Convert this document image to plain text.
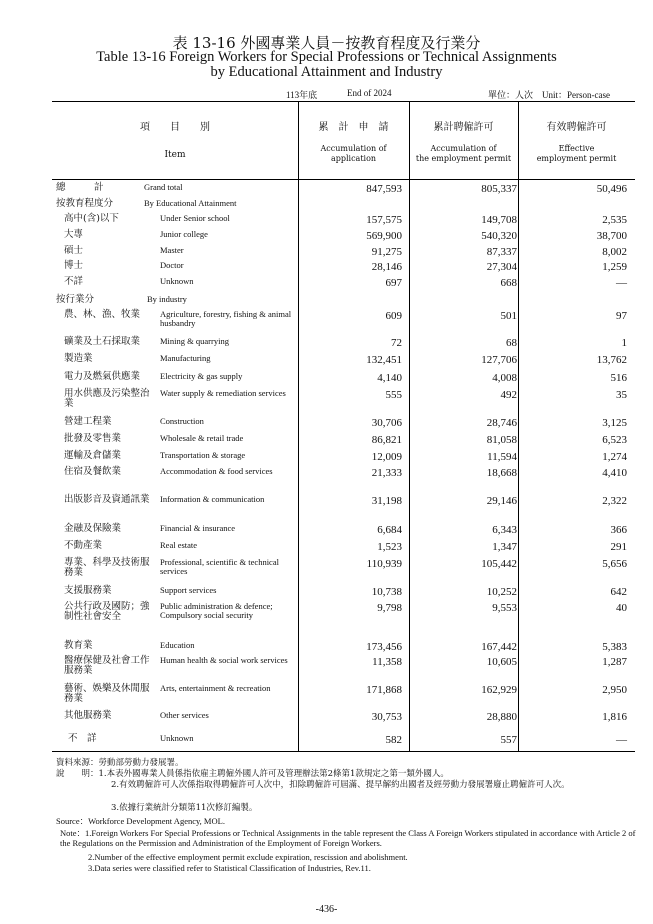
表 13-16 外國專業人員－按教育程度及行業分
Table 13-16 Foreign Workers for Special Professions or Technical Assignments
by Educational Attainment and Industry
113年底	End of 2024	單位：人次　Unit：Person-case
項　　目　　別
Item
累　計　申　請
Accumulation of
application
累計聘僱許可
Accumulation of
the employment permit
有效聘僱許可
Effective
employment permit
總　　　計	Grand total	847,593	805,337	50,496
按教育程度分	By Educational Attainment
高中(含)以下	Under Senior school	157,575	149,708	2,535
大專	Junior college	569,900	540,320	38,700
碩士	Master	91,275	87,337	8,002
博士	Doctor	28,146	27,304	1,259
不詳	Unknown	697	668	—
按行業分	By industry
農、林、漁、牧業	Agriculture, forestry, fishing & animal husbandry
609	501	97
礦業及土石採取業	Mining & quarrying	72	68	1
製造業	Manufacturing	132,451	127,706	13,762
電力及燃氣供應業	Electricity & gas supply	4,140	4,008	516
用水供應及污染整治業
Water supply & remediation services	555	492	35
營建工程業	Construction	30,706	28,746	3,125
批發及零售業	Wholesale & retail trade	86,821	81,058	6,523
運輸及倉儲業	Transportation & storage	12,009	11,594	1,274
住宿及餐飲業	Accommodation & food services	21,333	18,668	4,410
出版影音及資通訊業	Information & communication	31,198	29,146	2,322
金融及保險業	Financial & insurance	6,684	6,343	366
不動產業	Real estate	1,523	1,347	291
專業、科學及技術服務業
Professional, scientific & technical services
110,939	105,442	5,656
支援服務業	Support services	10,738	10,252	642
公共行政及國防；強制性社會安全
Public administration & defence; Compulsory social security
9,798	9,553	40
教育業	Education	173,456	167,442	5,383
醫療保健及社會工作服務業
Human health & social work services	11,358	10,605	1,287
藝術、娛樂及休閒服務業
Arts, entertainment & recreation	171,868	162,929	2,950
其他服務業	Other services	30,753	28,880	1,816
不　詳	Unknown	582	557	—
資料來源：勞動部勞動力發展署。
說　　明：1.本表外國專業人員係指依雇主聘僱外國人許可及管理辦法第2條第1款規定之第一類外國人。
2.有效聘僱許可人次係指取得聘僱許可人次中，扣除聘僱許可屆滿、提早解約出國者及經勞動力發展署廢止聘僱許可人次。
3.依據行業統計分類第11次修訂編製。
Source：Workforce Development Agency, MOL.
Note：1.Foreign Workers For Special Professions or Technical Assignments in the table represent the Class A Foreign Workers stipulated in accordance with Article 2 of the Regulations on the Permission and Administration of the Employment of Foreign Workers.
2.Number of the effective employment permit exclude expiration, rescission and abolishment.
3.Data series were classified refer to Statistical Classification of Industries, Rev.11.
-436-
